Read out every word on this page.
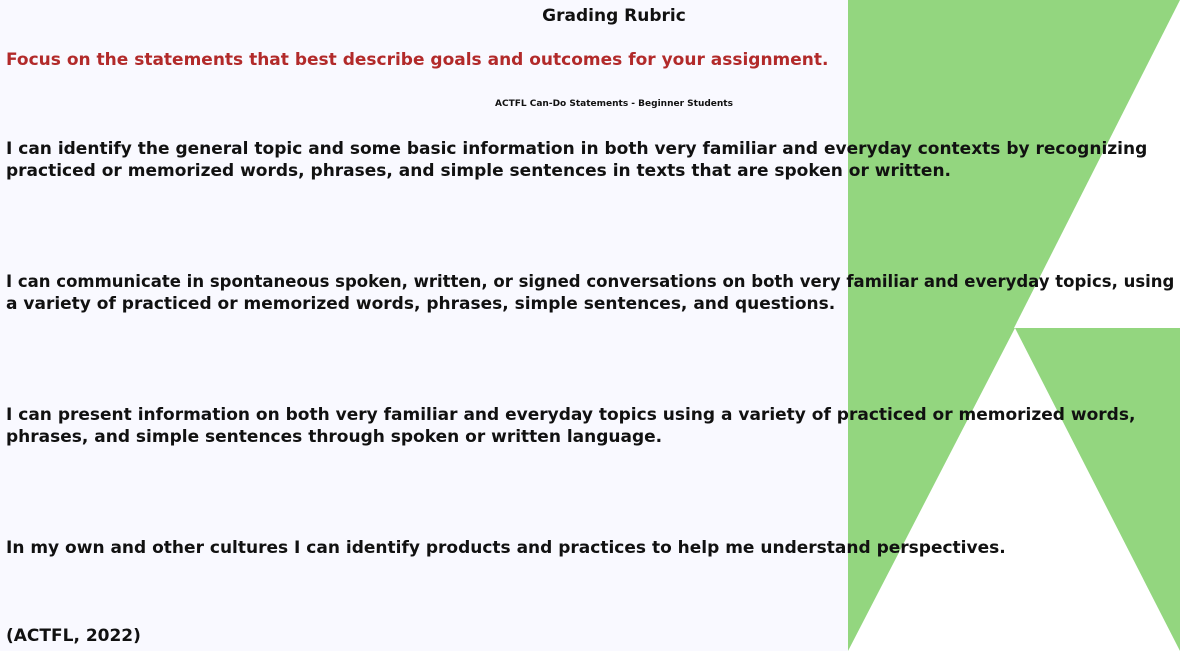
Grading Rubric

Focus on the statements that best describe goals and outcomes for your assignment.

ACTFL Can-Do Statements - Beginner Students

I can identify the general topic and some basic information in both very familiar and everyday contexts by recognizing

practiced or memorized words, phrases, and simple sentences in texts that are spoken or written.

I can communicate in spontaneous spoken, written, or signed conversations on both very familiar and everyday topics, using

a variety of practiced or memorized words, phrases, simple sentences, and questions.

I can present information on both very familiar and everyday topics using a variety of practiced or memorized words,

phrases, and simple sentences through spoken or written language.

In my own and other cultures I can identify products and practices to help me understand perspectives.

(ACTFL, 2022)
